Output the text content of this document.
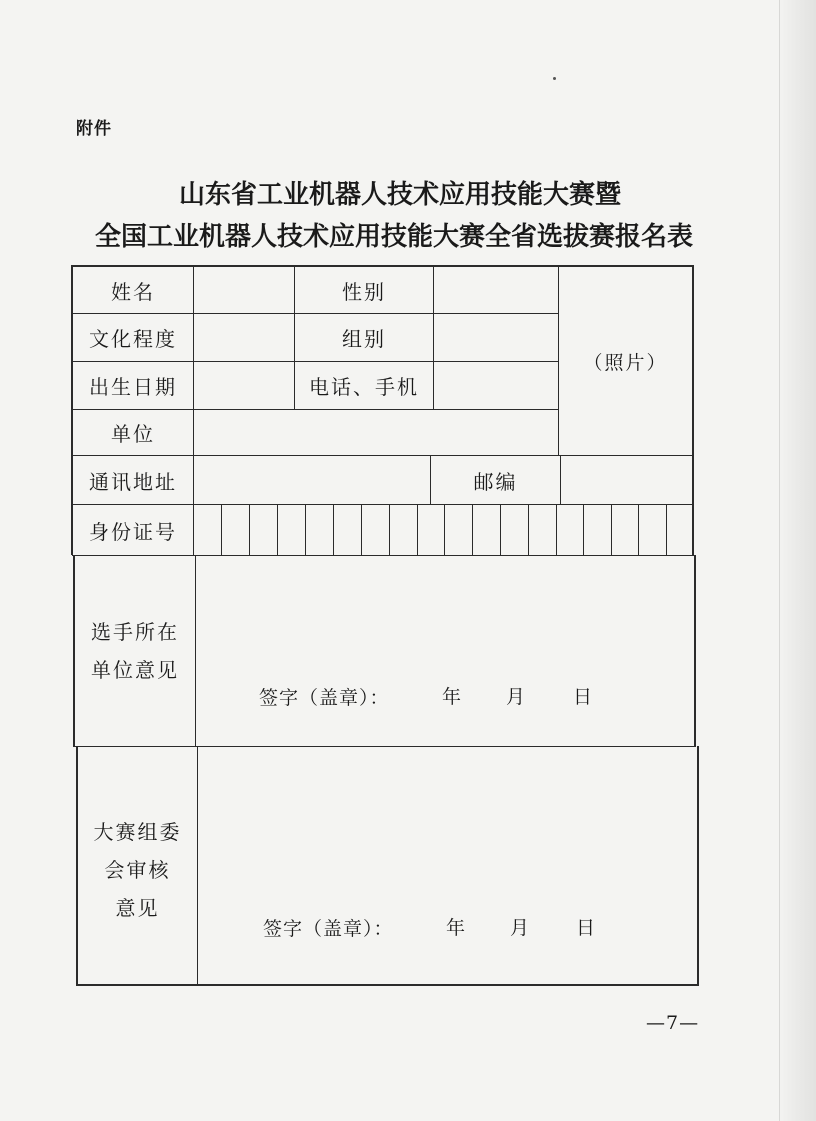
附件
山东省工业机器人技术应用技能大赛暨
全国工业机器人技术应用技能大赛全省选拔赛报名表
姓名	性别
文化程度	组别
出生日期	电话、手机
（照片）
单位
通讯地址	邮编
身份证号
选手所在
单位意见
签字（盖章）：	年 月 日
大赛组委
会审核
意见
签字（盖章）：	年 月 日
—7—
